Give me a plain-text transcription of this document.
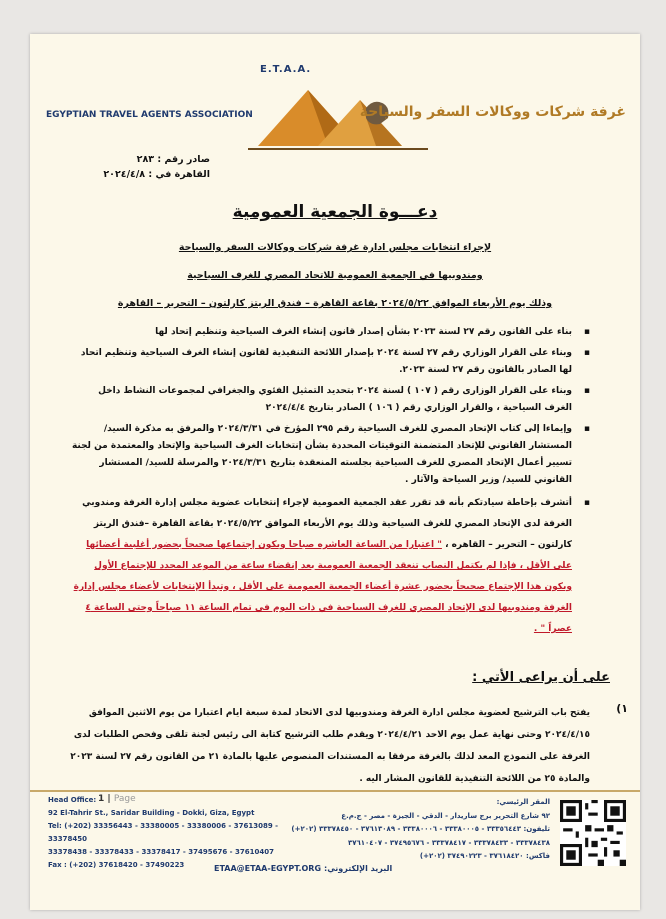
E.T.A.A.
EGYPTIAN TRAVEL AGENTS ASSOCIATION	غرفة شركات ووكالات السفر والسياحة
صادر رقم : ٢٨٣
القاهرة في : ٢٠٢٤/٤/٨
دعـــوة الجمعية العمومية
لإجراء انتخابات مجلس ادارة غرفة شركات ووكالات السفر والسياحة
ومندوبيها في الجمعية العمومية للاتحاد المصري للغرف السياحية
وذلك يوم الأربعاء الموافق ٢٠٢٤/٥/٢٢ بقاعة القاهرة – فندق الريتز كارلتون – التحرير – القاهرة
▪ بناء على القانون رقم ٢٧ لسنة ٢٠٢٣ بشأن إصدار قانون إنشاء الغرف السياحية وتنظيم إتحاد لها
▪ وبناء على القرار الوزاري رقم ٢٧ لسنة ٢٠٢٤ بإصدار اللائحة التنفيذية لقانون إنشاء الغرف السياحية وتنظيم اتحاد لها الصادر بالقانون رقم ٢٧ لسنة ٢٠٢٣.
▪ وبناء على القرار الوزارى رقم ( ١٠٧ ) لسنة ٢٠٢٤ بتحديد التمثيل الفئوي والجغرافي لمجموعات النشاط داخل الغرف السياحية ، والقرار الوزاري رقم ( ١٠٦ ) الصادر بتاريخ ٢٠٢٤/٤/٤
▪ وإيماءا إلى كتاب الإتحاد المصري للغرف السياحية رقم ٢٩٥ المؤرخ في ٢٠٢٤/٣/٣١ والمرفق به مذكرة السيد/ المستشار القانوني للإتحاد المتضمنة التوقيتات المحددة بشأن إنتخابات الغرف السياحية والإتحاد والمعتمدة من لجنة تسيير أعمال الإتحاد المصري للغرف السياحية بجلسته المنعقدة بتاريخ ٢٠٢٤/٣/٣١ والمرسلة للسيد/ المستشار القانوني للسيد/ وزير السياحة والآثار .
▪ أتشرف بإحاطة سيادتكم بأنه قد تقرر عقد الجمعية العمومية لإجراء إنتخابات عضوية مجلس إدارة الغرفة ومندوبي الغرفة لدى الإتحاد المصري للغرف السياحية وذلك يوم الأربعاء الموافق ٢٠٢٤/٥/٢٢ بقاعة القاهرة –فندق الريتز كارلتون – التحرير – القاهره ، " اعتبارا من الساعة العاشره صباحا ويكون إجتماعها صحيحاً بحضور أغلبية أعضائها على الأقل ، فإذا لم يكتمل النصاب تنعقد الجمعية العمومية بعد إنقضاء ساعة من الموعد المحدد للإجتماع الأول ويكون هذا الإجتماع صحيحاً بحضور عشرة أعضاء الجمعية العمومية على الأقل ، وتبدأ الإنتخابات لأعضاء مجلس إدارة الغرفة ومندوبيها لدى الإتحاد المصري للغرف السياحية في ذات اليوم في تمام الساعة ١١ صباحاً وحتى الساعة ٤ عصراً " .
على أن يراعى الأتي :
١)
يفتح باب الترشيح لعضوية مجلس ادارة الغرفة ومندوبيها لدى الاتحاد لمدة سبعة ايام اعتبارا من يوم الاثنين الموافق ٢٠٢٤/٤/١٥ وحتى نهاية عمل يوم الاحد ٢٠٢٤/٤/٢١ ويقدم طلب الترشيح كتابة الى رئيس لجنة تلقى وفحص الطلبات لدى الغرفة على النموذج المعد لذلك بالغرفة مرفقا به المستندات المنصوص عليها بالمادة ٢١ من القانون رقم ٢٧ لسنة ٢٠٢٣ والمادة ٢٥ من اللائحة التنفيذية للقانون المشار اليه .
Head Office:
92 El-Tahrir St., Saridar Building - Dokki, Giza, Egypt
Tel: (+202) 33356443 - 33380005 - 33380006 - 37613089 - 33378450
33378438 - 33378433 - 33378417 - 37495676 - 37610407
Fax : (+202) 37618420 - 37490223
1 | Page	المقر الرئيسي:
٩٢ شارع التحرير برج ساريدار - الدقي - الجيزة - مصر - ج.م.ع
تليفون: ٣٣٣٥٦٤٤٣ - ٣٣٣٨٠٠٠٥ - ٣٣٣٨٠٠٠٦ - ٣٧٦١٣٠٨٩ - ٣٣٣٧٨٤٥٠ (٢٠٢+)
٣٣٣٧٨٤٣٨ - ٣٣٣٧٨٤٣٣ - ٣٣٣٧٨٤١٧ - ٣٧٤٩٥٦٧٦ - ٣٧٦١٠٤٠٧
فاكس: ٣٧٦١٨٤٢٠ - ٣٧٤٩٠٢٢٣ (٢٠٢+)
ETAA@ETAA-EGYPT.ORG البريد الإلكتروني:
